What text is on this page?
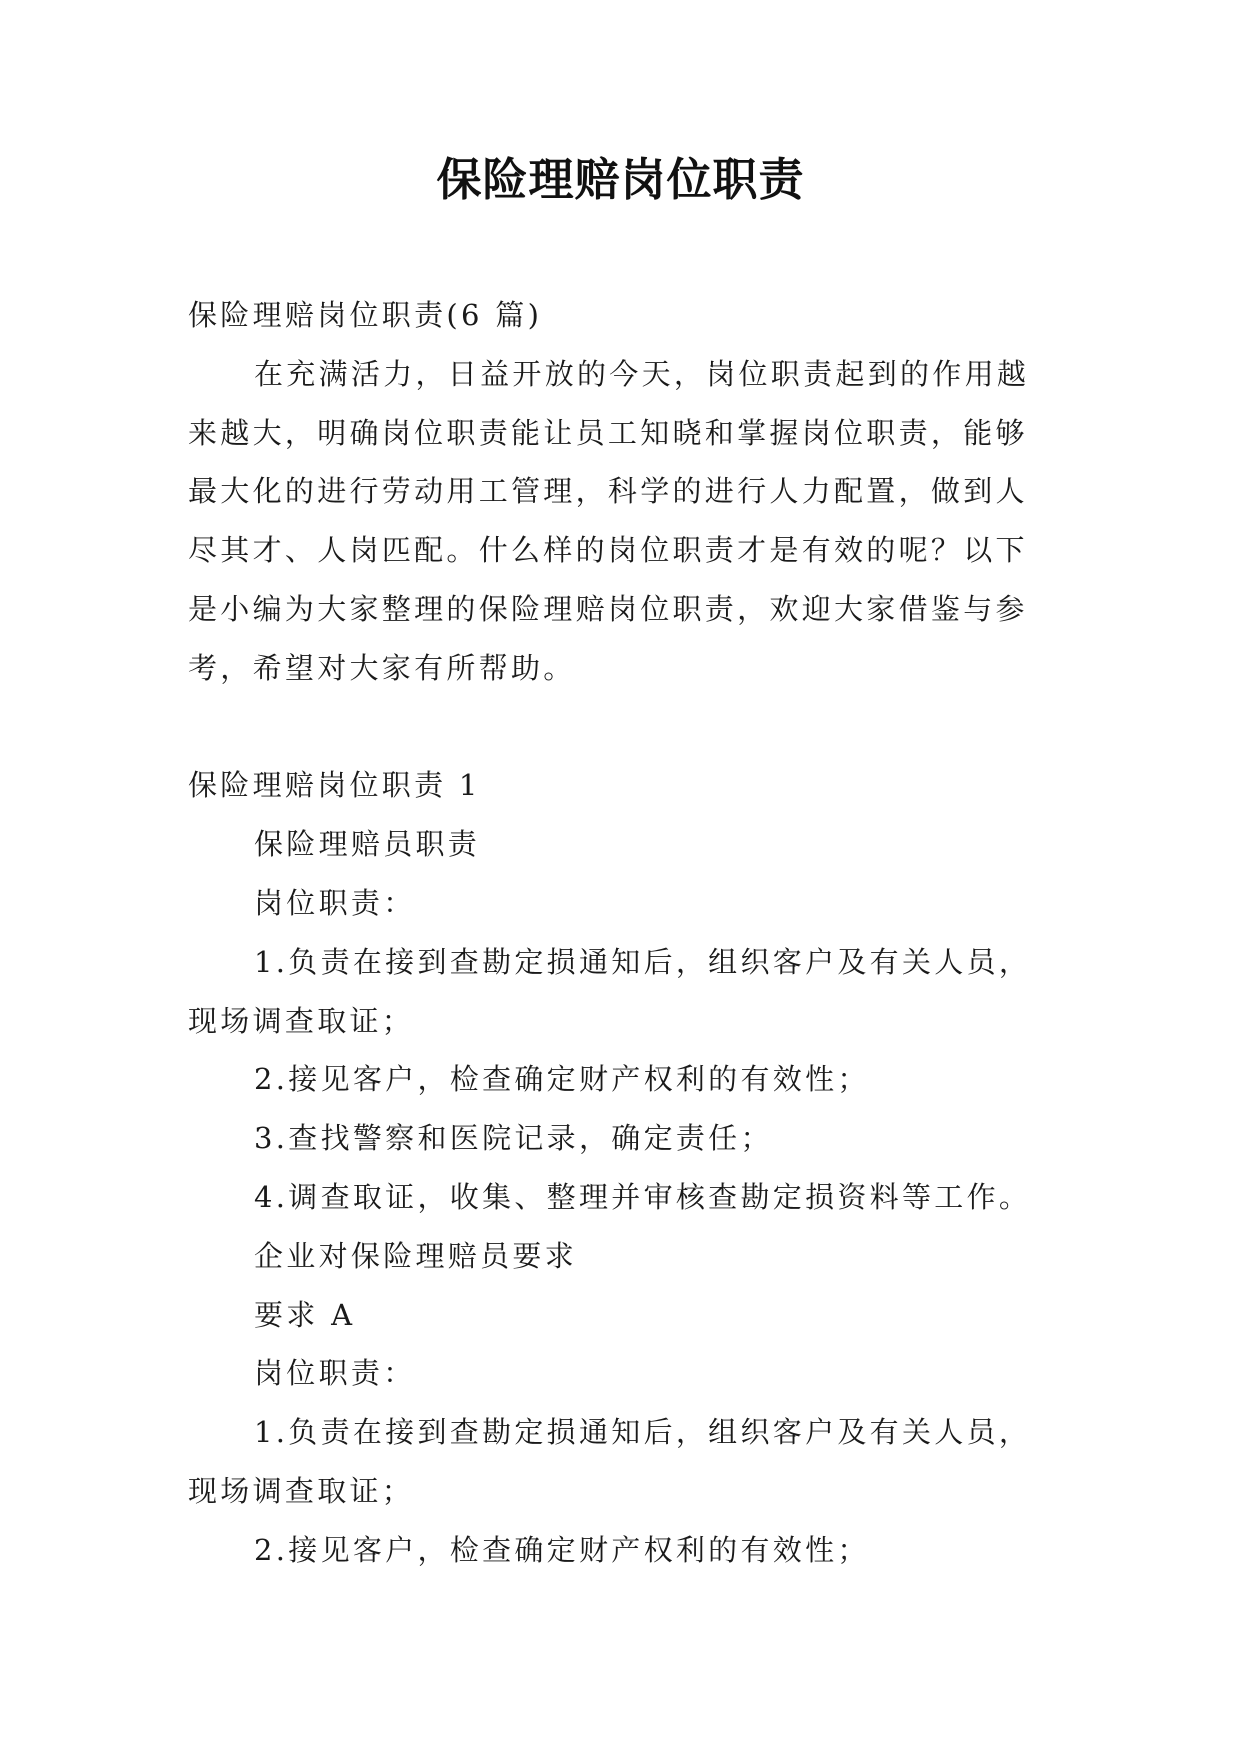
保险理赔岗位职责
保险理赔岗位职责(6 篇)
在充满活力，日益开放的今天，岗位职责起到的作用越
来越大，明确岗位职责能让员工知晓和掌握岗位职责，能够
最大化的进行劳动用工管理，科学的进行人力配置，做到人
尽其才、人岗匹配。什么样的岗位职责才是有效的呢？以下
是小编为大家整理的保险理赔岗位职责，欢迎大家借鉴与参
考，希望对大家有所帮助。
保险理赔岗位职责 1
保险理赔员职责
岗位职责：
1.负责在接到查勘定损通知后，组织客户及有关人员，
现场调查取证；
2.接见客户，检查确定财产权利的有效性；
3.查找警察和医院记录，确定责任；
4.调查取证，收集、整理并审核查勘定损资料等工作。
企业对保险理赔员要求
要求 A
岗位职责：
1.负责在接到查勘定损通知后，组织客户及有关人员，
现场调查取证；
2.接见客户，检查确定财产权利的有效性；
